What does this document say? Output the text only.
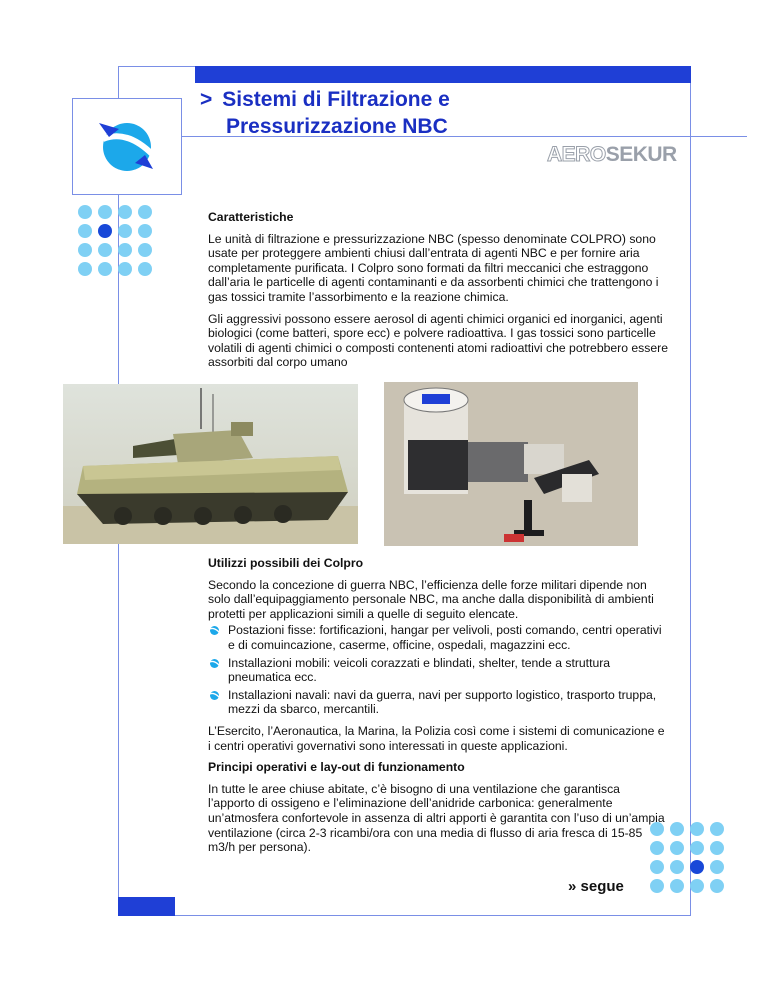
> Sistemi di Filtrazione e
Pressurizzazione NBC
AEROSEKUR
Caratteristiche

Le unità di filtrazione e pressurizzazione NBC (spesso denominate COLPRO) sono usate per proteggere ambienti chiusi dall’entrata di agenti NBC e per fornire aria completamente purificata. I Colpro sono formati da filtri meccanici che estraggono dall’aria le particelle di agenti contaminanti e da assorbenti chimici che trattengono i gas tossici tramite l’assorbimento e la reazione chimica.

Gli aggressivi possono essere aerosol di agenti chimici organici ed inorganici, agenti biologici (come batteri, spore ecc) e polvere radioattiva. I gas tossici sono particelle volatili di agenti chimici o composti contenenti atomi radioattivi che potrebbero essere assorbiti dal corpo umano

Utilizzi possibili dei Colpro

Secondo la concezione di guerra NBC, l’efficienza delle forze militari dipende non solo dall’equipaggiamento personale NBC, ma anche dalla disponibilità di ambienti protetti per applicazioni simili a quelle di seguito elencate.

Postazioni fisse: fortificazioni, hangar per velivoli, posti comando, centri operativi e di comuincazione, caserme, officine, ospedali, magazzini ecc.
Installazioni mobili: veicoli corazzati e blindati, shelter, tende a struttura pneumatica ecc.
Installazioni navali: navi da guerra, navi per supporto logistico, trasporto truppa, mezzi da sbarco, mercantili.

L’Esercito, l’Aeronautica, la Marina, la Polizia così come i sistemi di comunicazione e i centri operativi governativi sono interessati in queste applicazioni.

Principi operativi e lay-out di funzionamento

In tutte le aree chiuse abitate, c’è bisogno di una ventilazione che garantisca l’apporto di ossigeno e l’eliminazione dell’anidride carbonica: generalmente un’atmosfera confortevole in assenza di altri apporti è garantita con l’uso di un’ampia ventilazione (circa 2-3 ricambi/ora con una media di flusso di aria fresca di 15-85 m3/h per persona).

» segue
